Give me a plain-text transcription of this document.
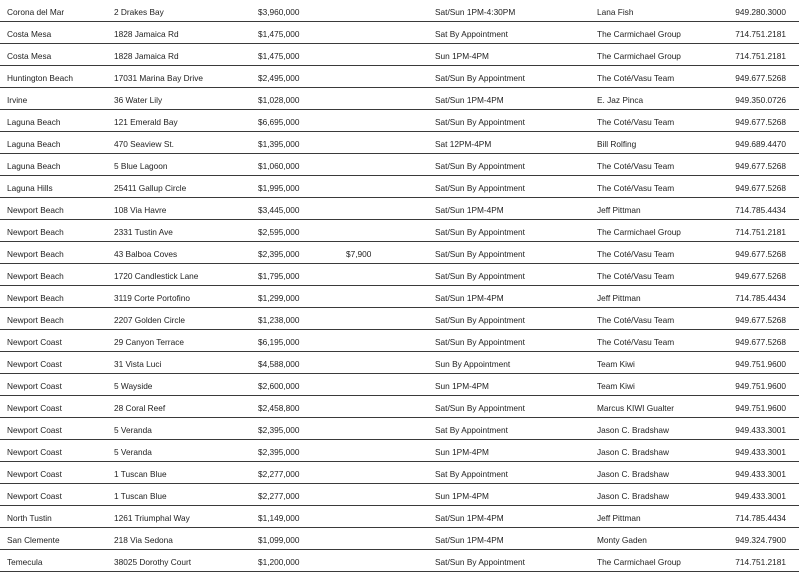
Corona del Mar	2 Drakes Bay	$3,960,000	Sat/Sun 1PM-4:30PM	Lana Fish	949.280.3000
Costa Mesa	1828 Jamaica Rd	$1,475,000	Sat By Appointment	The Carmichael Group	714.751.2181
Costa Mesa	1828 Jamaica Rd	$1,475,000	Sun 1PM-4PM	The Carmichael Group	714.751.2181
Huntington Beach	17031 Marina Bay Drive	$2,495,000	Sat/Sun By Appointment	The Coté/Vasu Team	949.677.5268
Irvine	36 Water Lily	$1,028,000	Sat/Sun 1PM-4PM	E. Jaz Pinca	949.350.0726
Laguna Beach	121 Emerald Bay	$6,695,000	Sat/Sun By Appointment	The Coté/Vasu Team	949.677.5268
Laguna Beach	470 Seaview St.	$1,395,000	Sat 12PM-4PM	Bill Rolfing	949.689.4470
Laguna Beach	5 Blue Lagoon	$1,060,000	Sat/Sun By Appointment	The Coté/Vasu Team	949.677.5268
Laguna Hills	25411 Gallup Circle	$1,995,000	Sat/Sun By Appointment	The Coté/Vasu Team	949.677.5268
Newport Beach	108 Via Havre	$3,445,000	Sat/Sun 1PM-4PM	Jeff Pittman	714.785.4434
Newport Beach	2331 Tustin Ave	$2,595,000	Sat/Sun By Appointment	The Carmichael Group	714.751.2181
Newport Beach	43 Balboa Coves	$2,395,000	$7,900	Sat/Sun By Appointment	The Coté/Vasu Team	949.677.5268
Newport Beach	1720 Candlestick Lane	$1,795,000	Sat/Sun By Appointment	The Coté/Vasu Team	949.677.5268
Newport Beach	3119 Corte Portofino	$1,299,000	Sat/Sun 1PM-4PM	Jeff Pittman	714.785.4434
Newport Beach	2207 Golden Circle	$1,238,000	Sat/Sun By Appointment	The Coté/Vasu Team	949.677.5268
Newport Coast	29 Canyon Terrace	$6,195,000	Sat/Sun By Appointment	The Coté/Vasu Team	949.677.5268
Newport Coast	31 Vista Luci	$4,588,000	Sun By Appointment	Team Kiwi	949.751.9600
Newport Coast	5 Wayside	$2,600,000	Sun 1PM-4PM	Team Kiwi	949.751.9600
Newport Coast	28 Coral Reef	$2,458,800	Sat/Sun By Appointment	Marcus KIWI Gualter	949.751.9600
Newport Coast	5 Veranda	$2,395,000	Sat By Appointment	Jason C. Bradshaw	949.433.3001
Newport Coast	5 Veranda	$2,395,000	Sun 1PM-4PM	Jason C. Bradshaw	949.433.3001
Newport Coast	1 Tuscan Blue	$2,277,000	Sat By Appointment	Jason C. Bradshaw	949.433.3001
Newport Coast	1 Tuscan Blue	$2,277,000	Sun 1PM-4PM	Jason C. Bradshaw	949.433.3001
North Tustin	1261 Triumphal Way	$1,149,000	Sat/Sun 1PM-4PM	Jeff Pittman	714.785.4434
San Clemente	218 Via Sedona	$1,099,000	Sat/Sun 1PM-4PM	Monty Gaden	949.324.7900
Temecula	38025 Dorothy Court	$1,200,000	Sat/Sun By Appointment	The Carmichael Group	714.751.2181
